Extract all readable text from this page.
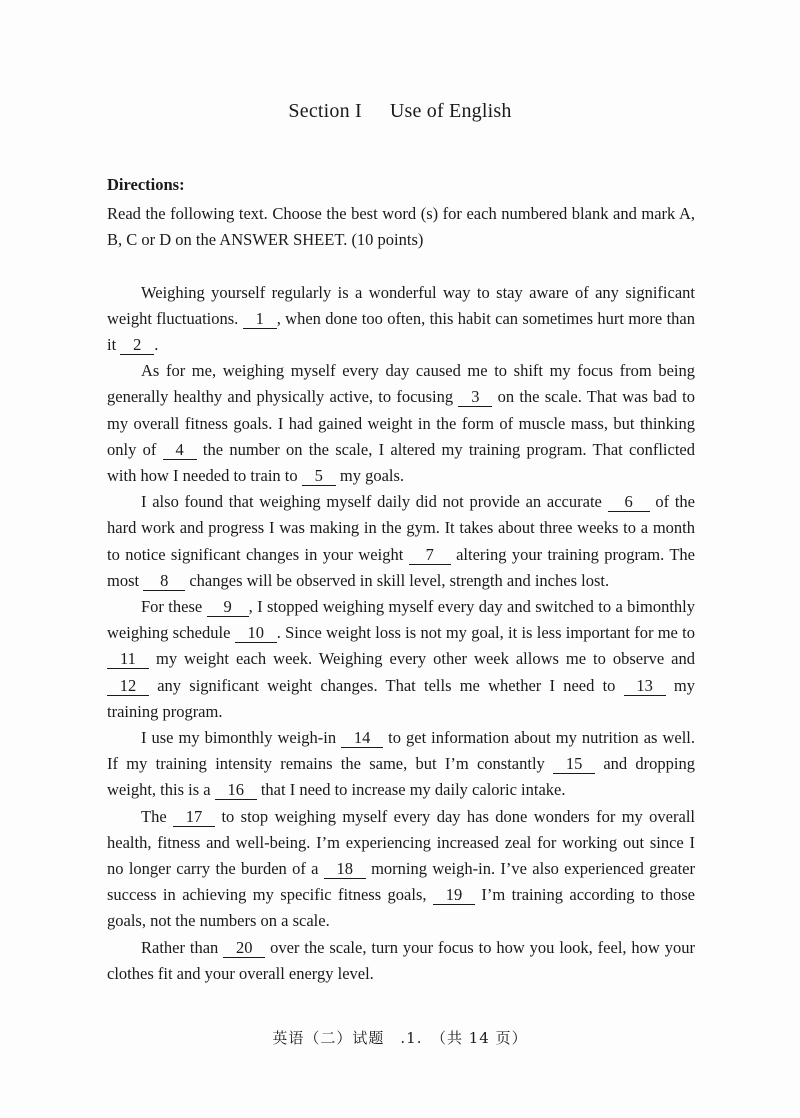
Section I Use of English

Directions:

Read the following text. Choose the best word (s) for each numbered blank and mark A, B, C or D on the ANSWER SHEET. (10 points)

Weighing yourself regularly is a wonderful way to stay aware of any significant weight fluctuations. 1 , when done too often, this habit can sometimes hurt more than it 2 .

As for me, weighing myself every day caused me to shift my focus from being generally healthy and physically active, to focusing 3 on the scale. That was bad to my overall fitness goals. I had gained weight in the form of muscle mass, but thinking only of 4 the number on the scale, I altered my training program. That conflicted with how I needed to train to 5 my goals.

I also found that weighing myself daily did not provide an accurate 6 of the hard work and progress I was making in the gym. It takes about three weeks to a month to notice significant changes in your weight 7 altering your training program. The most 8 changes will be observed in skill level, strength and inches lost.

For these 9 , I stopped weighing myself every day and switched to a bimonthly weighing schedule 10 . Since weight loss is not my goal, it is less important for me to 11 my weight each week. Weighing every other week allows me to observe and 12 any significant weight changes. That tells me whether I need to 13 my training program.

I use my bimonthly weigh-in 14 to get information about my nutrition as well. If my training intensity remains the same, but I’m constantly 15 and dropping weight, this is a 16 that I need to increase my daily caloric intake.

The 17 to stop weighing myself every day has done wonders for my overall health, fitness and well-being. I’m experiencing increased zeal for working out since I no longer carry the burden of a 18 morning weigh-in. I’ve also experienced greater success in achieving my specific fitness goals, 19 I’m training according to those goals, not the numbers on a scale.

Rather than 20 over the scale, turn your focus to how you look, feel, how your clothes fit and your overall energy level.

英语（二）试题　.1.　（共 14 页）
